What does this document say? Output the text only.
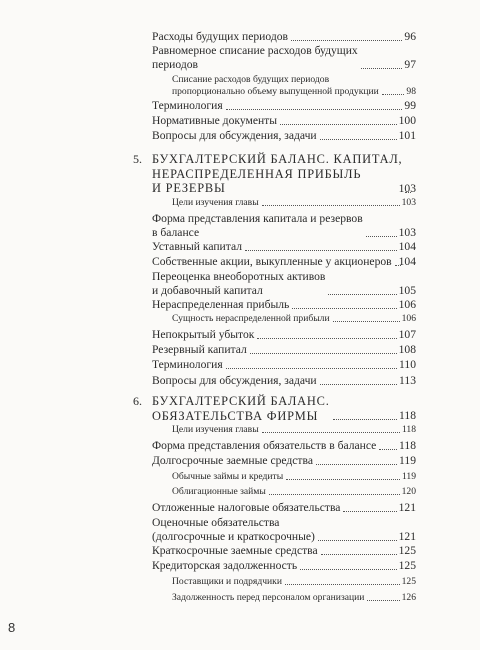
Расходы будущих периодов	96
Равномерное списание расходов будущих
периодов	97
Списание расходов будущих периодов
пропорционально объему выпущенной продукции	98
Терминология	99
Нормативные документы	100
Вопросы для обсуждения, задачи	101
5. БУХГАЛТЕРСКИЙ БАЛАНС. КАПИТАЛ,
НЕРАСПРЕДЕЛЕННАЯ ПРИБЫЛЬ
И РЕЗЕРВЫ	103
Цели изучения главы	103
Форма представления капитала и резервов
в балансе	103
Уставный капитал	104
Собственные акции, выкупленные у акционеров 104
Переоценка внеоборотных активов
и добавочный капитал	105
Нераспределенная прибыль	106
Сущность нераспределенной прибыли	106
Непокрытый убыток	107
Резервный капитал	108
Терминология	110
Вопросы для обсуждения, задачи	113
6. БУХГАЛТЕРСКИЙ БАЛАНС.
ОБЯЗАТЕЛЬСТВА ФИРМЫ	118
Цели изучения главы	118
Форма представления обязательств в балансе 118
Долгосрочные заемные средства	119
Обычные займы и кредиты	119
Облигационные займы	120
Отложенные налоговые обязательства	121
Оценочные обязательства
(долгосрочные и краткосрочные)	121
Краткосрочные заемные средства	125
Кредиторская задолженность	125
Поставщики и подрядчики	125
Задолженность перед персоналом организации	126
8
